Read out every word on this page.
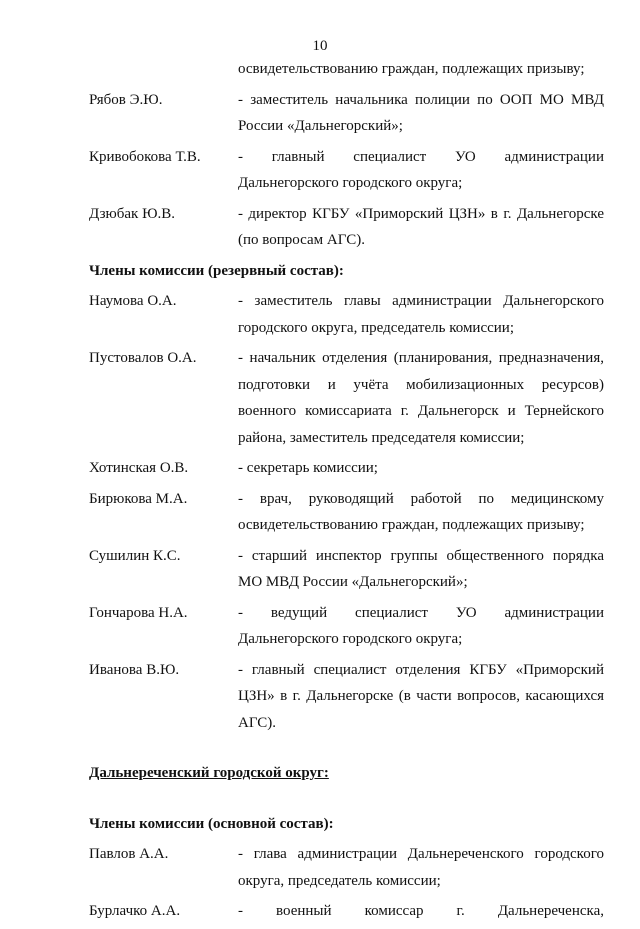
10
освидетельствованию граждан, подлежащих призыву;
Рябов Э.Ю.	- заместитель начальника полиции по ООП МО МВД России «Дальнегорский»;
Кривобокова Т.В. - главный специалист УО администрации Дальнегорского городского округа;
Дзюбак Ю.В.	- директор КГБУ «Приморский ЦЗН» в г. Дальнегорске (по вопросам АГС).
Члены комиссии (резервный состав):
Наумова О.А.	- заместитель главы администрации Дальнегорского городского округа, председатель комиссии;
Пустовалов О.А.	- начальник отделения (планирования, предназначения, подготовки и учёта мобилизационных ресурсов) военного комиссариата г. Дальнегорск и Тернейского района, заместитель председателя комиссии;
Хотинская О.В.	- секретарь комиссии;
Бирюкова М.А.	- врач, руководящий работой по медицинскому освидетельствованию граждан, подлежащих призыву;
Сушилин К.С.	- старший инспектор группы общественного порядка МО МВД России «Дальнегорский»;
Гончарова Н.А.	- ведущий специалист УО администрации Дальнегорского городского округа;
Иванова В.Ю.	- главный специалист отделения КГБУ «Приморский ЦЗН» в г. Дальнегорске (в части вопросов, касающихся АГС).
Дальнереченский городской округ:
Члены комиссии (основной состав):
Павлов А.А.	- глава администрации Дальнереченского городского округа, председатель комиссии;
Бурлачко А.А.	- военный комиссар г. Дальнереченска,
